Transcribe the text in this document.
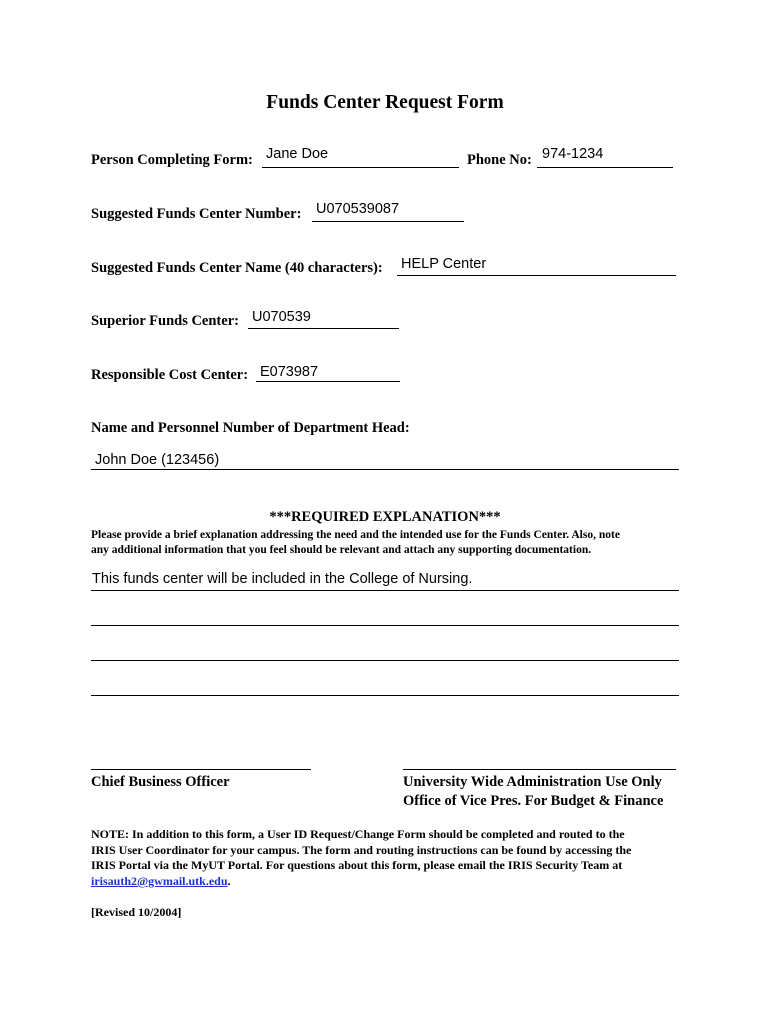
Funds Center Request Form
Person Completing Form: Jane Doe	Phone No: 974-1234
Suggested Funds Center Number: U070539087
Suggested Funds Center Name (40 characters): HELP Center
Superior Funds Center: U070539
Responsible Cost Center: E073987
Name and Personnel Number of Department Head:
John Doe (123456)
***REQUIRED EXPLANATION***
Please provide a brief explanation addressing the need and the intended use for the Funds Center. Also, note
any additional information that you feel should be relevant and attach any supporting documentation.
This funds center will be included in the College of Nursing.
Chief Business Officer	University Wide Administration Use Only
Office of Vice Pres. For Budget & Finance
NOTE: In addition to this form, a User ID Request/Change Form should be completed and routed to the
IRIS User Coordinator for your campus. The form and routing instructions can be found by accessing the
IRIS Portal via the MyUT Portal. For questions about this form, please email the IRIS Security Team at
irisauth2@gwmail.utk.edu.
[Revised 10/2004]
